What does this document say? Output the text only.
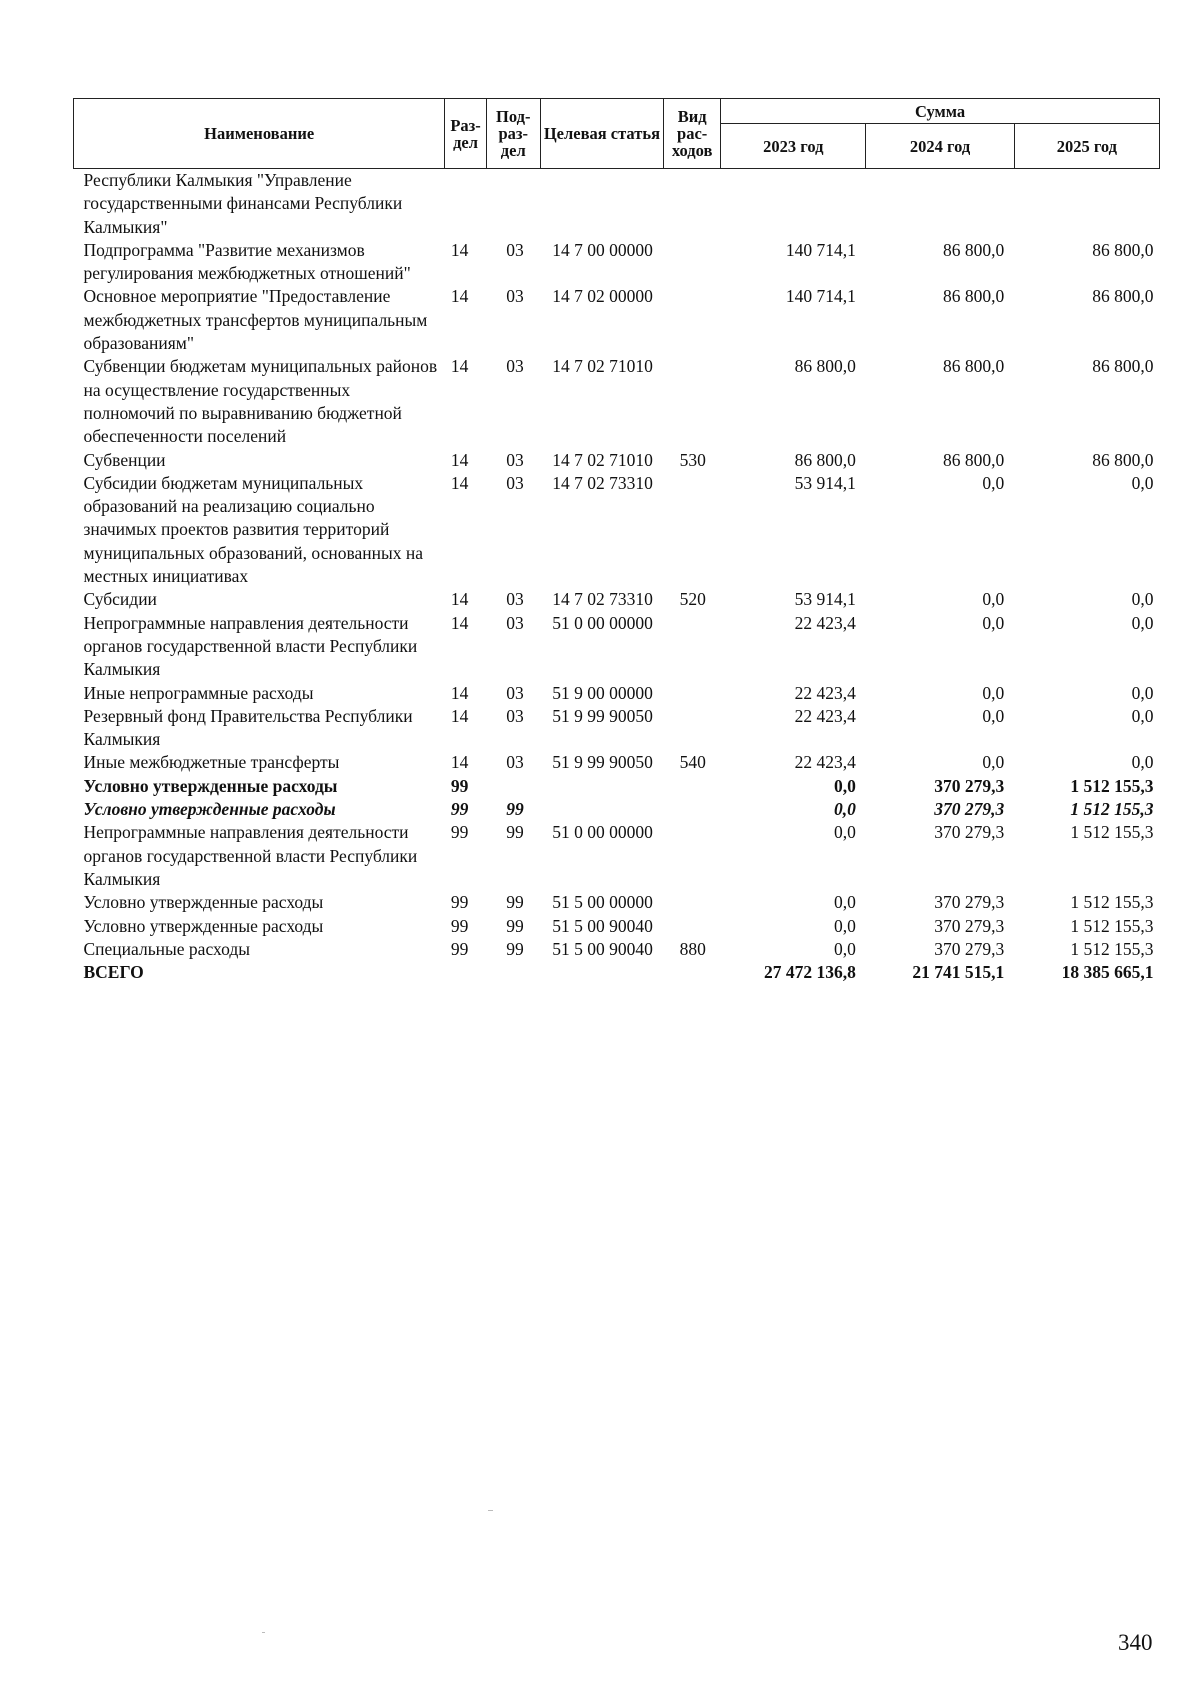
Наименование	Раз-дел	Под-раз-дел	Целевая статья	Вид рас-ходов	Сумма		
					2023 год	2024 год	2025 год
Республики Калмыкия "Управление государственными финансами Республики Калмыкия"							
Подпрограмма "Развитие механизмов регулирования межбюджетных отношений"	14	03	14 7 00 00000		140 714,1	86 800,0	86 800,0
Основное мероприятие "Предоставление межбюджетных трансфертов муниципальным образованиям"	14	03	14 7 02 00000		140 714,1	86 800,0	86 800,0
Субвенции бюджетам муниципальных районов на осуществление государственных полномочий по выравниванию бюджетной обеспеченности поселений	14	03	14 7 02 71010		86 800,0	86 800,0	86 800,0
Субвенции	14	03	14 7 02 71010	530	86 800,0	86 800,0	86 800,0
Субсидии бюджетам муниципальных образований на реализацию социально значимых проектов развития территорий муниципальных образований, основанных на местных инициативах	14	03	14 7 02 73310		53 914,1	0,0	0,0
Субсидии	14	03	14 7 02 73310	520	53 914,1	0,0	0,0
Непрограммные направления деятельности органов государственной власти Республики Калмыкия	14	03	51 0 00 00000		22 423,4	0,0	0,0
Иные непрограммные расходы	14	03	51 9 00 00000		22 423,4	0,0	0,0
Резервный фонд Правительства Республики Калмыкия	14	03	51 9 99 90050		22 423,4	0,0	0,0
Иные межбюджетные трансферты	14	03	51 9 99 90050	540	22 423,4	0,0	0,0
Условно утвержденные расходы	99				0,0	370 279,3	1 512 155,3
Условно утвержденные расходы	99	99			0,0	370 279,3	1 512 155,3
Непрограммные направления деятельности органов государственной власти Республики Калмыкия	99	99	51 0 00 00000		0,0	370 279,3	1 512 155,3
Условно утвержденные расходы	99	99	51 5 00 00000		0,0	370 279,3	1 512 155,3
Условно утвержденные расходы	99	99	51 5 00 90040		0,0	370 279,3	1 512 155,3
Специальные расходы	99	99	51 5 00 90040	880	0,0	370 279,3	1 512 155,3
ВСЕГО					27 472 136,8	21 741 515,1	18 385 665,1
340
